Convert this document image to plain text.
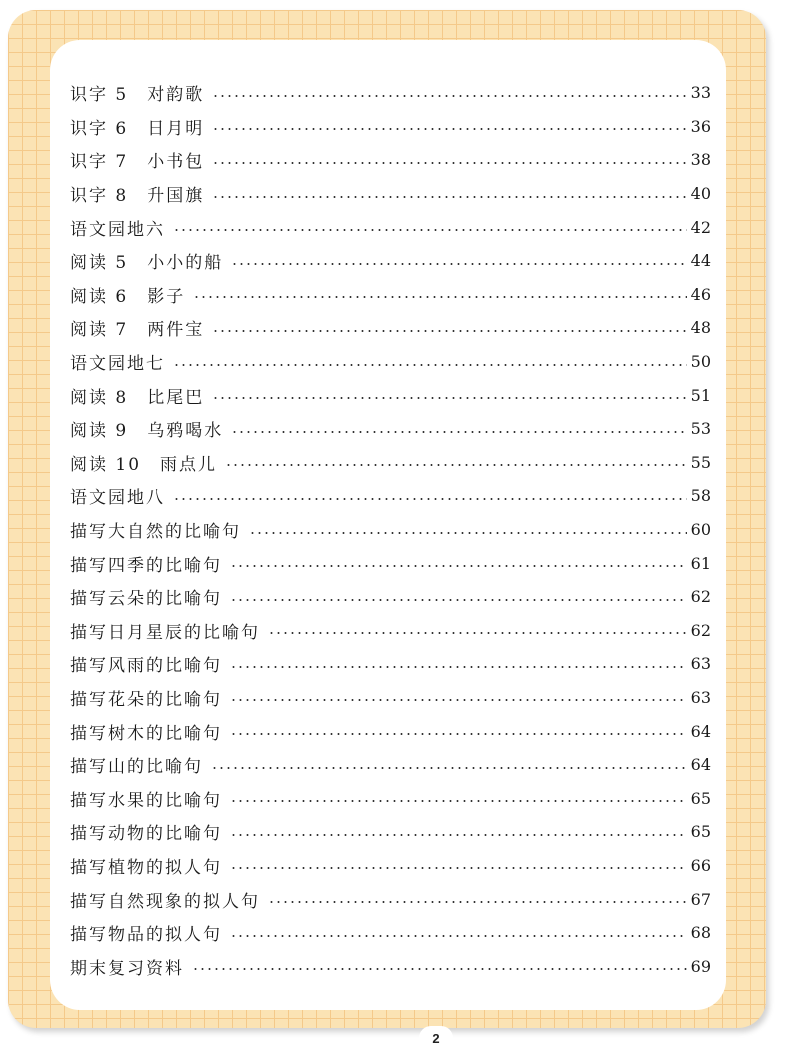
识字 5　对韵歌	33
识字 6　日月明	36
识字 7　小书包	38
识字 8　升国旗	40
语文园地六	42
阅读 5　小小的船	44
阅读 6　影子	46
阅读 7　两件宝	48
语文园地七	50
阅读 8　比尾巴	51
阅读 9　乌鸦喝水	53
阅读 10　雨点儿	55
语文园地八	58
描写大自然的比喻句	60
描写四季的比喻句	61
描写云朵的比喻句	62
描写日月星辰的比喻句	62
描写风雨的比喻句	63
描写花朵的比喻句	63
描写树木的比喻句	64
描写山的比喻句	64
描写水果的比喻句	65
描写动物的比喻句	65
描写植物的拟人句	66
描写自然现象的拟人句	67
描写物品的拟人句	68
期末复习资料	69
2
